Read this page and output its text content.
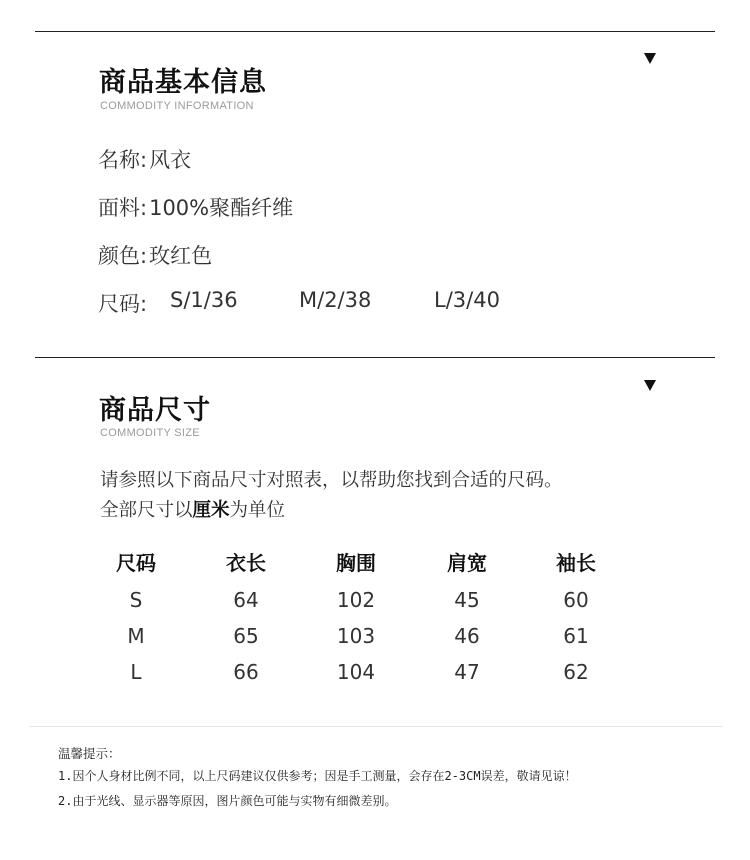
商品基本信息
COMMODITY INFORMATION
名称:风衣
面料:100%聚酯纤维
颜色:玫红色
尺码: S/1/36	M/2/38	L/3/40
商品尺寸
COMMODITY SIZE
请参照以下商品尺寸对照表，以帮助您找到合适的尺码。
全部尺寸以厘米为单位
尺码	衣长	胸围	肩宽	袖长
S	64	102	45	60
M	65	103	46	61
L	66	104	47	62
温馨提示：
1.因个人身材比例不同，以上尺码建议仅供参考；因是手工测量，会存在2-3CM误差，敬请见谅！
2.由于光线、显示器等原因，图片颜色可能与实物有细微差别。
